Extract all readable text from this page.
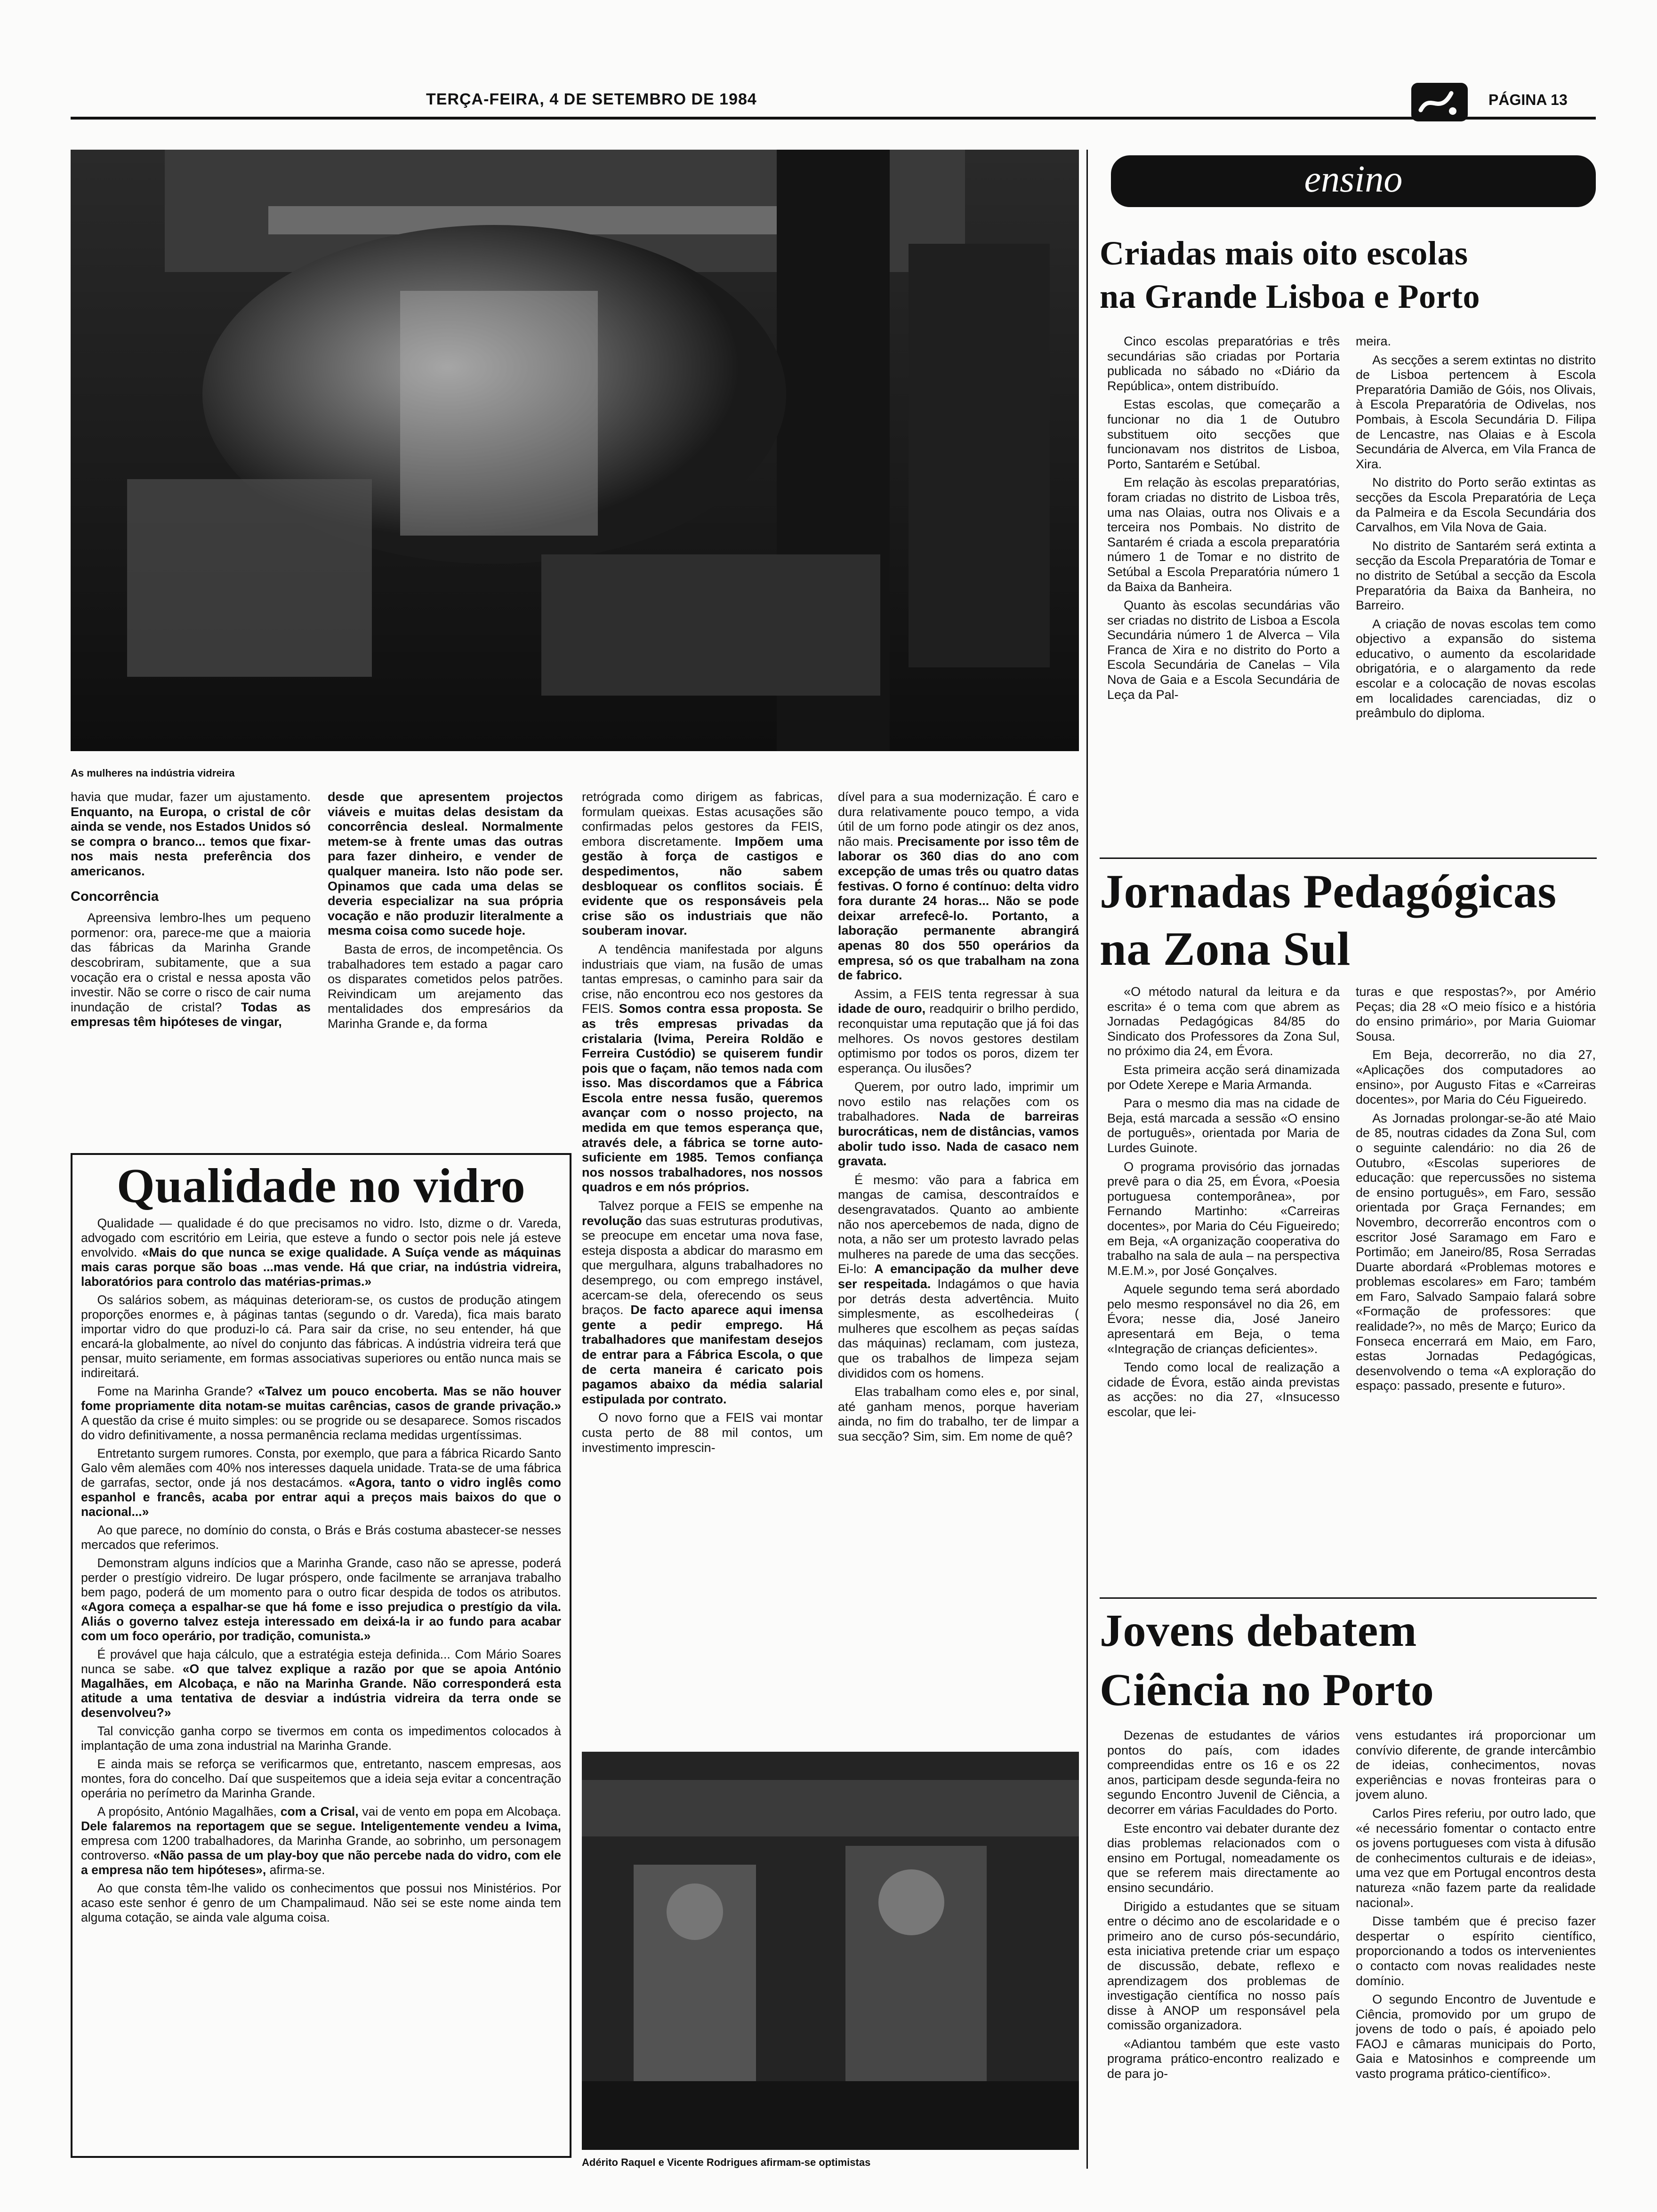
TERÇA-FEIRA, 4 DE SETEMBRO DE 1984	PÁGINA 13
As mulheres na indústria vidreira

havia que mudar, fazer um ajustamento. Enquanto, na Europa, o cristal de côr ainda se vende, nos Estados Unidos só se compra o branco... temos que fixar-nos mais nesta preferência dos americanos.

Concorrência

Apreensiva lembro-lhes um pequeno pormenor: ora, parece-me que a maioria das fábricas da Marinha Grande descobriram, subitamente, que a sua vocação era o cristal e nessa aposta vão investir. Não se corre o risco de cair numa inundação de cristal? Todas as empresas têm hipóteses de vingar,

desde que apresentem projectos viáveis e muitas delas desistam da concorrência desleal. Normalmente metem-se à frente umas das outras para fazer dinheiro, e vender de qualquer maneira. Isto não pode ser. Opinamos que cada uma delas se deveria especializar na sua própria vocação e não produzir literalmente a mesma coisa como sucede hoje.

Basta de erros, de incompetência. Os trabalhadores tem estado a pagar caro os disparates cometidos pelos patrões. Reivindicam um arejamento das mentalidades dos empresários da Marinha Grande e, da forma

Qualidade no vidro

Qualidade — qualidade é do que precisamos no vidro. Isto, dizme o dr. Vareda, advogado com escritório em Leiria, que esteve a fundo o sector pois nele já esteve envolvido. «Mais do que nunca se exige qualidade. A Suíça vende as máquinas mais caras porque são boas ...mas vende. Há que criar, na indústria vidreira, laboratórios para controlo das matérias-primas.»

Os salários sobem, as máquinas deterioram-se, os custos de produção atingem proporções enormes e, à páginas tantas (segundo o dr. Vareda), fica mais barato importar vidro do que produzi-lo cá. Para sair da crise, no seu entender, há que encará-la globalmente, ao nível do conjunto das fábricas. A indústria vidreira terá que pensar, muito seriamente, em formas associativas superiores ou então nunca mais se indireitará.

Fome na Marinha Grande? «Talvez um pouco encoberta. Mas se não houver fome propriamente dita notam-se muitas carências, casos de grande privação.» A questão da crise é muito simples: ou se progride ou se desaparece. Somos riscados do vidro definitivamente, a nossa permanência reclama medidas urgentíssimas.

Entretanto surgem rumores. Consta, por exemplo, que para a fábrica Ricardo Santo Galo vêm alemães com 40% nos interesses daquela unidade. Trata-se de uma fábrica de garrafas, sector, onde já nos destacámos. «Agora, tanto o vidro inglês como espanhol e francês, acaba por entrar aqui a preços mais baixos do que o nacional...»

Ao que parece, no domínio do consta, o Brás e Brás costuma abastecer-se nesses mercados que referimos.

Demonstram alguns indícios que a Marinha Grande, caso não se apresse, poderá perder o prestígio vidreiro. De lugar próspero, onde facilmente se arranjava trabalho bem pago, poderá de um momento para o outro ficar despida de todos os atributos. «Agora começa a espalhar-se que há fome e isso prejudica o prestígio da vila. Aliás o governo talvez esteja interessado em deixá-la ir ao fundo para acabar com um foco operário, por tradição, comunista.»

É provável que haja cálculo, que a estratégia esteja definida... Com Mário Soares nunca se sabe. «O que talvez explique a razão por que se apoia António Magalhães, em Alcobaça, e não na Marinha Grande. Não corresponderá esta atitude a uma tentativa de desviar a indústria vidreira da terra onde se desenvolveu?»

Tal convicção ganha corpo se tivermos em conta os impedimentos colocados à implantação de uma zona industrial na Marinha Grande.

E ainda mais se reforça se verificarmos que, entretanto, nascem empresas, aos montes, fora do concelho. Daí que suspeitemos que a ideia seja evitar a concentração operária no perímetro da Marinha Grande.

A propósito, António Magalhães, com a Crisal, vai de vento em popa em Alcobaça. Dele falaremos na reportagem que se segue. Inteligentemente vendeu a Ivima, empresa com 1200 trabalhadores, da Marinha Grande, ao sobrinho, um personagem controverso. «Não passa de um play-boy que não percebe nada do vidro, com ele a empresa não tem hipóteses», afirma-se.

Ao que consta têm-lhe valido os conhecimentos que possui nos Ministérios. Por acaso este senhor é genro de um Champalimaud. Não sei se este nome ainda tem alguma cotação, se ainda vale alguma coisa.

retrógrada como dirigem as fabricas, formulam queixas. Estas acusações são confirmadas pelos gestores da FEIS, embora discretamente. Impõem uma gestão à força de castigos e despedimentos, não sabem desbloquear os conflitos sociais. É evidente que os responsáveis pela crise são os industriais que não souberam inovar.

A tendência manifestada por alguns industriais que viam, na fusão de umas tantas empresas, o caminho para sair da crise, não encontrou eco nos gestores da FEIS. Somos contra essa proposta. Se as três empresas privadas da cristalaria (Ivima, Pereira Roldão e Ferreira Custódio) se quiserem fundir pois que o façam, não temos nada com isso. Mas discordamos que a Fábrica Escola entre nessa fusão, queremos avançar com o nosso projecto, na medida em que temos esperança que, através dele, a fábrica se torne auto-suficiente em 1985. Temos confiança nos nossos trabalhadores, nos nossos quadros e em nós próprios.

Talvez porque a FEIS se empenhe na revolução das suas estruturas produtivas, se preocupe em encetar uma nova fase, esteja disposta a abdicar do marasmo em que mergulhara, alguns trabalhadores no desemprego, ou com emprego instável, acercam-se dela, oferecendo os seus braços. De facto aparece aqui imensa gente a pedir emprego. Há trabalhadores que manifestam desejos de entrar para a Fábrica Escola, o que de certa maneira é caricato pois pagamos abaixo da média salarial estipulada por contrato.

O novo forno que a FEIS vai montar custa perto de 88 mil contos, um investimento imprescin-

dível para a sua modernização. É caro e dura relativamente pouco tempo, a vida útil de um forno pode atingir os dez anos, não mais. Precisamente por isso têm de laborar os 360 dias do ano com excepção de umas três ou quatro datas festivas. O forno é contínuo: delta vidro fora durante 24 horas... Não se pode deixar arrefecê-lo. Portanto, a laboração permanente abrangirá apenas 80 dos 550 operários da empresa, só os que trabalham na zona de fabrico.

Assim, a FEIS tenta regressar à sua idade de ouro, readquirir o brilho perdido, reconquistar uma reputação que já foi das melhores. Os novos gestores destilam optimismo por todos os poros, dizem ter esperança. Ou ilusões?

Querem, por outro lado, imprimir um novo estilo nas relações com os trabalhadores. Nada de barreiras burocráticas, nem de distâncias, vamos abolir tudo isso. Nada de casaco nem gravata.

É mesmo: vão para a fabrica em mangas de camisa, descontraídos e desengravatados. Quanto ao ambiente não nos apercebemos de nada, digno de nota, a não ser um protesto lavrado pelas mulheres na parede de uma das secções. Ei-lo: A emancipação da mulher deve ser respeitada. Indagámos o que havia por detrás desta advertência. Muito simplesmente, as escolhedeiras ( mulheres que escolhem as peças saídas das máquinas) reclamam, com justeza, que os trabalhos de limpeza sejam divididos com os homens.

Elas trabalham como eles e, por sinal, até ganham menos, porque haveriam ainda, no fim do trabalho, ter de limpar a sua secção? Sim, sim. Em nome de quê?

Adérito Raquel e Vicente Rodrigues afirmam-se optimistas
ensino
Criadas mais oito escolas
na Grande Lisboa e Porto

Cinco escolas preparatórias e três secundárias são criadas por Portaria publicada no sábado no «Diário da República», ontem distribuído.

Estas escolas, que começarão a funcionar no dia 1 de Outubro substituem oito secções que funcionavam nos distritos de Lisboa, Porto, Santarém e Setúbal.

Em relação às escolas preparatórias, foram criadas no distrito de Lisboa três, uma nas Olaias, outra nos Olivais e a terceira nos Pombais. No distrito de Santarém é criada a escola preparatória número 1 de Tomar e no distrito de Setúbal a Escola Preparatória número 1 da Baixa da Banheira.

Quanto às escolas secundárias vão ser criadas no distrito de Lisboa a Escola Secundária número 1 de Alverca – Vila Franca de Xira e no distrito do Porto a Escola Secundária de Canelas – Vila Nova de Gaia e a Escola Secundária de Leça da Pal-

meira.

As secções a serem extintas no distrito de Lisboa pertencem à Escola Preparatória Damião de Góis, nos Olivais, à Escola Preparatória de Odivelas, nos Pombais, à Escola Secundária D. Filipa de Lencastre, nas Olaias e à Escola Secundária de Alverca, em Vila Franca de Xira.

No distrito do Porto serão extintas as secções da Escola Preparatória de Leça da Palmeira e da Escola Secundária dos Carvalhos, em Vila Nova de Gaia.

No distrito de Santarém será extinta a secção da Escola Preparatória de Tomar e no distrito de Setúbal a secção da Escola Preparatória da Baixa da Banheira, no Barreiro.

A criação de novas escolas tem como objectivo a expansão do sistema educativo, o aumento da escolaridade obrigatória, e o alargamento da rede escolar e a colocação de novas escolas em localidades carenciadas, diz o preâmbulo do diploma.

Jornadas Pedagógicas
na Zona Sul

«O método natural da leitura e da escrita» é o tema com que abrem as Jornadas Pedagógicas 84/85 do Sindicato dos Professores da Zona Sul, no próximo dia 24, em Évora.

Esta primeira acção será dinamizada por Odete Xerepe e Maria Armanda.

Para o mesmo dia mas na cidade de Beja, está marcada a sessão «O ensino de português», orientada por Maria de Lurdes Guinote.

O programa provisório das jornadas prevê para o dia 25, em Évora, «Poesia portuguesa contemporânea», por Fernando Martinho: «Carreiras docentes», por Maria do Céu Figueiredo; em Beja, «A organização cooperativa do trabalho na sala de aula – na perspectiva M.E.M.», por José Gonçalves.

Aquele segundo tema será abordado pelo mesmo responsável no dia 26, em Évora; nesse dia, José Janeiro apresentará em Beja, o tema «Integração de crianças deficientes».

Tendo como local de realização a cidade de Évora, estão ainda previstas as acções: no dia 27, «Insucesso escolar, que lei-

turas e que respostas?», por Amério Peças; dia 28 «O meio físico e a história do ensino primário», por Maria Guiomar Sousa.

Em Beja, decorrerão, no dia 27, «Aplicações dos computadores ao ensino», por Augusto Fitas e «Carreiras docentes», por Maria do Céu Figueiredo.

As Jornadas prolongar-se-ão até Maio de 85, noutras cidades da Zona Sul, com o seguinte calendário: no dia 26 de Outubro, «Escolas superiores de educação: que repercussões no sistema de ensino português», em Faro, sessão orientada por Graça Fernandes; em Novembro, decorrerão encontros com o escritor José Saramago em Faro e Portimão; em Janeiro/85, Rosa Serradas Duarte abordará «Problemas motores e problemas escolares» em Faro; também em Faro, Salvado Sampaio falará sobre «Formação de professores: que realidade?», no mês de Março; Eurico da Fonseca encerrará em Maio, em Faro, estas Jornadas Pedagógicas, desenvolvendo o tema «A exploração do espaço: passado, presente e futuro».

Jovens debatem
Ciência no Porto

Dezenas de estudantes de vários pontos do país, com idades compreendidas entre os 16 e os 22 anos, participam desde segunda-feira no segundo Encontro Juvenil de Ciência, a decorrer em várias Faculdades do Porto.

Este encontro vai debater durante dez dias problemas relacionados com o ensino em Portugal, nomeadamente os que se referem mais directamente ao ensino secundário.

Dirigido a estudantes que se situam entre o décimo ano de escolaridade e o primeiro ano de curso pós-secundário, esta iniciativa pretende criar um espaço de discussão, debate, reflexo e aprendizagem dos problemas de investigação científica no nosso país disse à ANOP um responsável pela comissão organizadora.

«Adiantou também que este vasto programa prático-encontro realizado e de para jo-

vens estudantes irá proporcionar um convívio diferente, de grande intercâmbio de ideias, conhecimentos, novas experiências e novas fronteiras para o jovem aluno.

Carlos Pires referiu, por outro lado, que «é necessário fomentar o contacto entre os jovens portugueses com vista à difusão de conhecimentos culturais e de ideias», uma vez que em Portugal encontros desta natureza «não fazem parte da realidade nacional».

Disse também que é preciso fazer despertar o espírito científico, proporcionando a todos os intervenientes o contacto com novas realidades neste domínio.

O segundo Encontro de Juventude e Ciência, promovido por um grupo de jovens de todo o país, é apoiado pelo FAOJ e câmaras municipais do Porto, Gaia e Matosinhos e compreende um vasto programa prático-científico».
